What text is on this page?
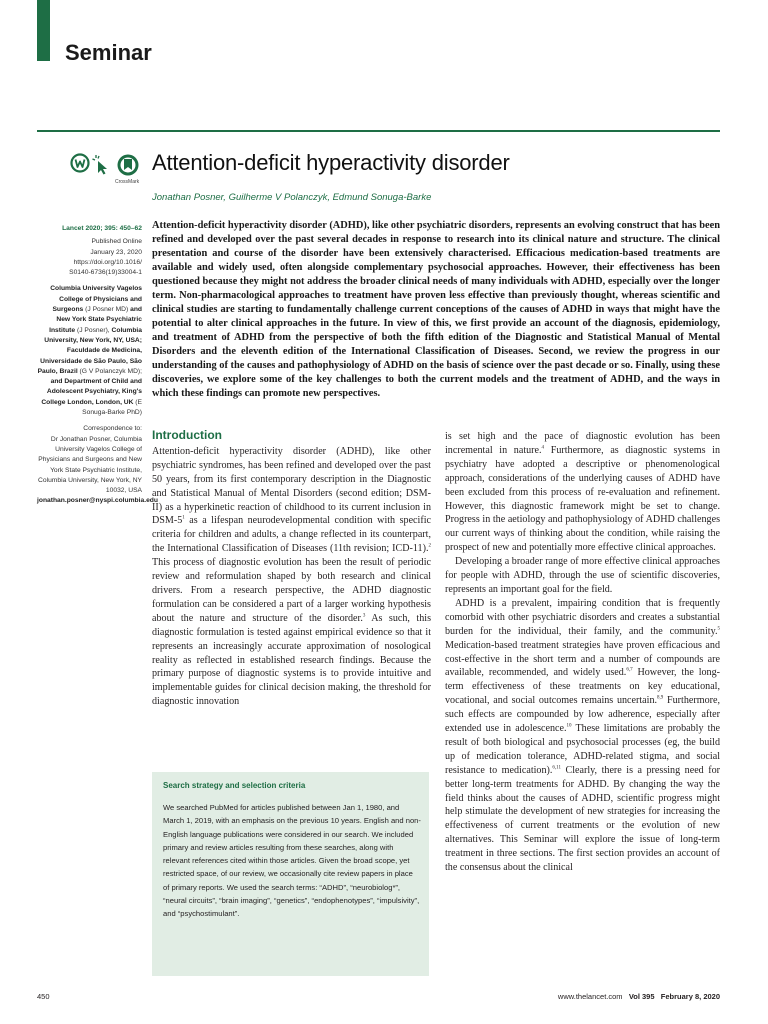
Seminar
CrossMark
Attention-deficit hyperactivity disorder
Jonathan Posner, Guilherme V Polanczyk, Edmund Sonuga-Barke

Lancet 2020; 395: 450–62

Published Online
January 23, 2020
https://doi.org/10.1016/
S0140-6736(19)33004-1

Columbia University Vagelos College of Physicians and Surgeons (J Posner MD) and New York State Psychiatric Institute (J Posner), Columbia University, New York, NY, USA; Faculdade de Medicina, Universidade de São Paulo, São Paulo, Brazil (G V Polanczyk MD); and Department of Child and Adolescent Psychiatry, King's College London, London, UK (E Sonuga-Barke PhD)

Correspondence to:
Dr Jonathan Posner, Columbia University Vagelos College of Physicians and Surgeons and New York State Psychiatric Institute, Columbia University, New York, NY 10032, USA
jonathan.posner@nyspi.columbia.edu

Attention-deficit hyperactivity disorder (ADHD), like other psychiatric disorders, represents an evolving construct that has been refined and developed over the past several decades in response to research into its clinical nature and structure. The clinical presentation and course of the disorder have been extensively characterised. Efficacious medication-based treatments are available and widely used, often alongside complementary psychosocial approaches. However, their effectiveness has been questioned because they might not address the broader clinical needs of many individuals with ADHD, especially over the longer term. Non-pharmacological approaches to treatment have proven less effective than previously thought, whereas scientific and clinical studies are starting to fundamentally challenge current conceptions of the causes of ADHD in ways that might have the potential to alter clinical approaches in the future. In view of this, we first provide an account of the diagnosis, epidemiology, and treatment of ADHD from the perspective of both the fifth edition of the Diagnostic and Statistical Manual of Mental Disorders and the eleventh edition of the International Classification of Diseases. Second, we review the progress in our understanding of the causes and pathophysiology of ADHD on the basis of science over the past decade or so. Finally, using these discoveries, we explore some of the key challenges to both the current models and the treatment of ADHD, and the ways in which these findings can promote new perspectives.

Introduction

Attention-deficit hyperactivity disorder (ADHD), like other psychiatric syndromes, has been refined and developed over the past 50 years, from its first contemporary description in the Diagnostic and Statistical Manual of Mental Disorders (second edition; DSM-II) as a hyperkinetic reaction of childhood to its current inclusion in DSM-$5^1$ as a lifespan neurodevelopmental condition with specific criteria for children and adults, a change reflected in its counterpart, the International Classification of Diseases (11th revision; ICD-11).$^2$ This process of diagnostic evolution has been the result of periodic review and reformulation shaped by both research and clinical drivers. From a research perspective, the ADHD diagnostic formulation can be considered a part of a larger working hypothesis about the nature and structure of the disorder.$^3$ As such, this diagnostic formulation is tested against empirical evidence so that it represents an increasingly accurate approximation of nosological reality as reflected in established research findings. Because the primary purpose of diagnostic systems is to provide intuitive and implementable guides for clinical decision making, the threshold for diagnostic innovation

Search strategy and selection criteria

We searched PubMed for articles published between Jan 1, 1980, and March 1, 2019, with an emphasis on the previous 10 years. English and non-English language publications were considered in our search. We included primary and review articles resulting from these searches, along with relevant references cited within those articles. Given the broad scope, yet restricted space, of our review, we occasionally cite review papers in place of primary reports. We used the search terms: “ADHD”, “neurobiolog*”, “neural circuits”, “brain imaging”, “genetics”, “endophenotypes”, “impulsivity”, and “psychostimulant”.

is set high and the pace of diagnostic evolution has been incremental in nature.$^4$ Furthermore, as diagnostic systems in psychiatry have adopted a descriptive or phenomenological approach, considerations of the underlying causes of ADHD have been excluded from this process of re-evaluation and refinement. However, this diagnostic framework might be set to change. Progress in the aetiology and pathophysiology of ADHD challenges our current ways of thinking about the condition, while raising the prospect of new and potentially more effective clinical approaches.

Developing a broader range of more effective clinical approaches for people with ADHD, through the use of scientific discoveries, represents an important goal for the field.

ADHD is a prevalent, impairing condition that is frequently comorbid with other psychiatric disorders and creates a substantial burden for the individual, their family, and the community.$^5$ Medication-based treatment strategies have proven efficacious and cost-effective in the short term and a number of compounds are available, recommended, and widely used.$^{6,7}$ However, the long-term effectiveness of these treatments on key educational, vocational, and social outcomes remains uncertain.$^{8,9}$ Furthermore, such effects are compounded by low adherence, especially after extended use in adolescence.$^{10}$ These limitations are probably the result of both biological and psychosocial processes (eg, the build up of medication tolerance, ADHD-related stigma, and social resistance to medication).$^{6,11}$ Clearly, there is a pressing need for better long-term treatments for ADHD. By changing the way the field thinks about the causes of ADHD, scientific progress might help stimulate the development of new strategies for increasing the effectiveness of current treatments or the evolution of new alternatives. This Seminar will explore the issue of long-term treatment in three sections. The first section provides an account of the consensus about the clinical

450	www.thelancet.com Vol 395 February 8, 2020
